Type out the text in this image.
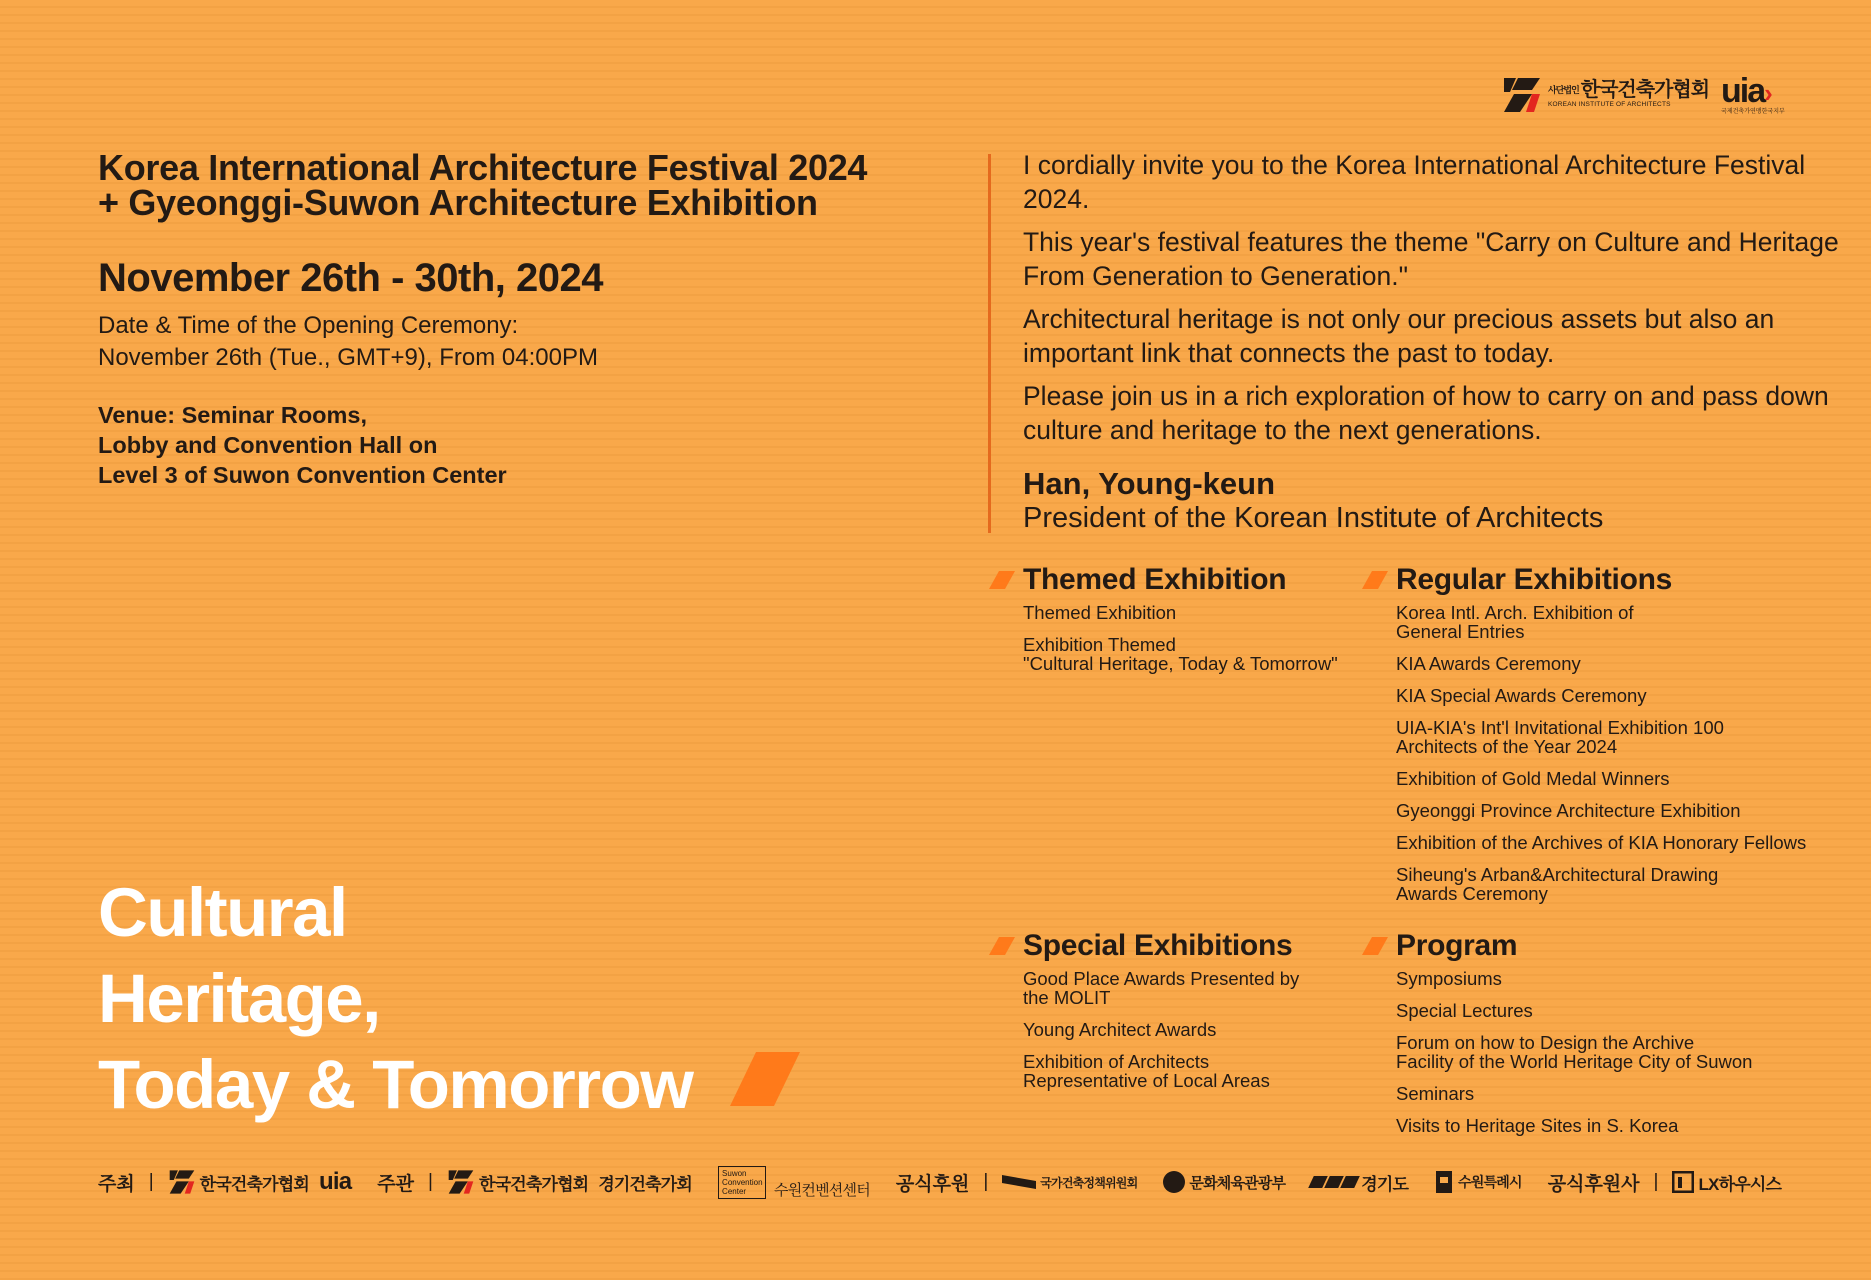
사단법인 한국건축가협회
KOREAN INSTITUTE OF ARCHITECTS	uia›
국제건축가연맹한국지부
Korea International Architecture Festival 2024
+ Gyeonggi-Suwon Architecture Exhibition
November 26th - 30th, 2024
Date & Time of the Opening Ceremony:
November 26th (Tue., GMT+9), From 04:00PM
Venue: Seminar Rooms,
Lobby and Convention Hall on
Level 3 of Suwon Convention Center
Cultural
Heritage,
Today & Tomorrow

I cordially invite you to the Korea International Architecture Festival 2024.

This year's festival features the theme "Carry on Culture and Heritage From Generation to Generation."

Architectural heritage is not only our precious assets but also an important link that connects the past to today.

Please join us in a rich exploration of how to carry on and pass down culture and heritage to the next generations.

Han, Young-keun
President of the Korean Institute of Architects
Themed Exhibition
Themed Exhibition
Exhibition Themed
"Cultural Heritage, Today & Tomorrow"
Regular Exhibitions
Korea Intl. Arch. Exhibition of
General Entries
KIA Awards Ceremony
KIA Special Awards Ceremony
UIA-KIA's Int'l Invitational Exhibition 100
Architects of the Year 2024
Exhibition of Gold Medal Winners
Gyeonggi Province Architecture Exhibition
Exhibition of the Archives of KIA Honorary Fellows
Siheung's Arban&Architectural Drawing
Awards Ceremony
Special Exhibitions
Good Place Awards Presented by
the MOLIT
Young Architect Awards
Exhibition of Architects
Representative of Local Areas
Program
Symposiums
Special Lectures
Forum on how to Design the Archive
Facility of the World Heritage City of Suwon
Seminars
Visits to Heritage Sites in S. Korea
주최 |	한국건축가협회 uia 주관 |	한국건축가협회 경기건축가회
Suwon Convention Center	수원컨벤션센터 공식후원 |	국가건축정책위원회	문화체육관광부	경기도	수원특례시 공식후원사 | LX하우시스
